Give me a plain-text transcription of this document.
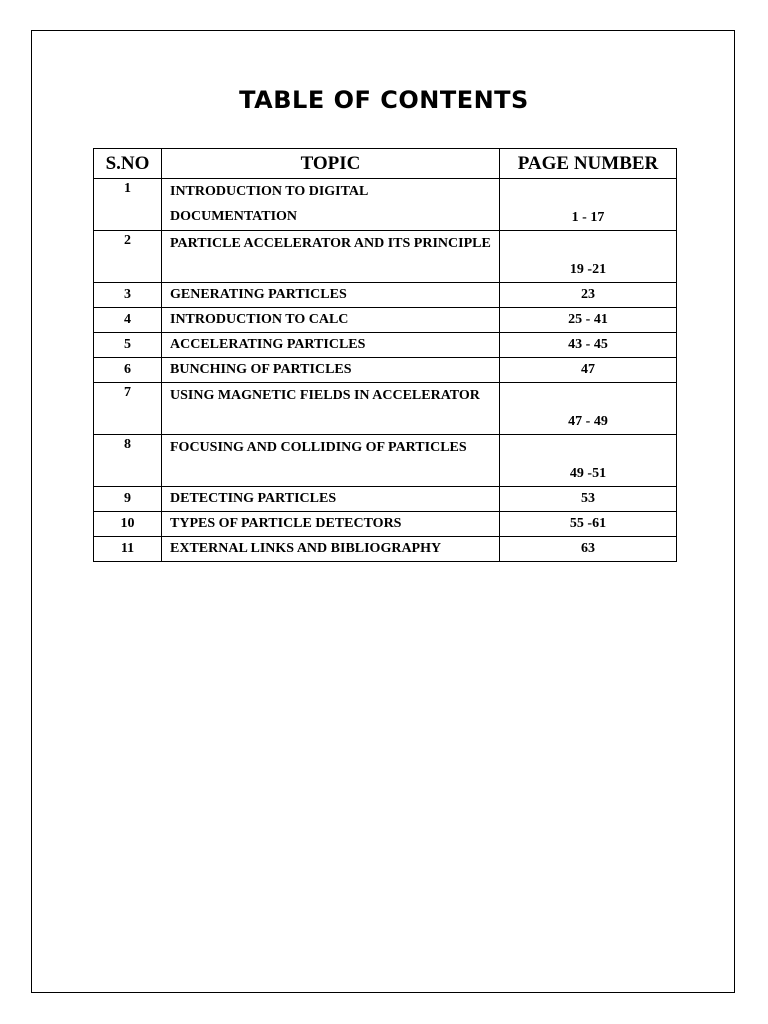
TABLE OF CONTENTS
S.NO	TOPIC	PAGE NUMBER
1	INTRODUCTION TO DIGITAL DOCUMENTATION	1 - 17
2	PARTICLE ACCELERATOR AND ITS PRINCIPLE	19 -21
3	GENERATING PARTICLES	23
4	INTRODUCTION TO CALC	25 - 41
5	ACCELERATING PARTICLES	43 - 45
6	BUNCHING OF PARTICLES	47
7	USING MAGNETIC FIELDS IN ACCELERATOR	47 - 49
8	FOCUSING AND COLLIDING OF PARTICLES	49 -51
9	DETECTING PARTICLES	53
10	TYPES OF PARTICLE DETECTORS	55 -61
11	EXTERNAL LINKS AND BIBLIOGRAPHY	63
